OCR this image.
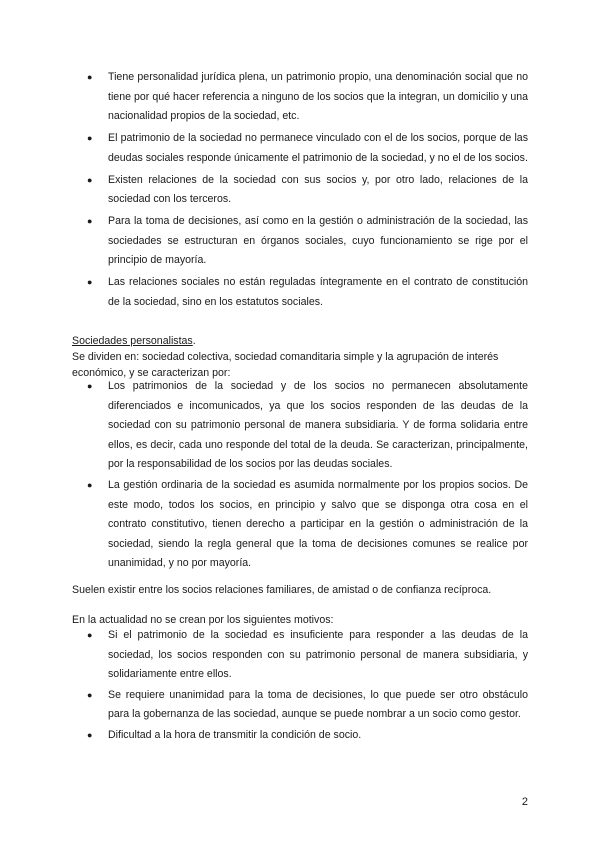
● Tiene personalidad jurídica plena, un patrimonio propio, una denominación social que no tiene por qué hacer referencia a ninguno de los socios que la integran, un domicilio y una nacionalidad propios de la sociedad, etc.
● El patrimonio de la sociedad no permanece vinculado con el de los socios, porque de las deudas sociales responde únicamente el patrimonio de la sociedad, y no el de los socios.
● Existen relaciones de la sociedad con sus socios y, por otro lado, relaciones de la sociedad con los terceros.
● Para la toma de decisiones, así como en la gestión o administración de la sociedad, las sociedades se estructuran en órganos sociales, cuyo funcionamiento se rige por el principio de mayoría.
● Las relaciones sociales no están reguladas íntegramente en el contrato de constitución de la sociedad, sino en los estatutos sociales.

Sociedades personalistas.

Se dividen en: sociedad colectiva, sociedad comanditaria simple y la agrupación de interés económico, y se caracterizan por:

● Los patrimonios de la sociedad y de los socios no permanecen absolutamente diferenciados e incomunicados, ya que los socios responden de las deudas de la sociedad con su patrimonio personal de manera subsidiaria. Y de forma solidaria entre ellos, es decir, cada uno responde del total de la deuda. Se caracterizan, principalmente, por la responsabilidad de los socios por las deudas sociales.
● La gestión ordinaria de la sociedad es asumida normalmente por los propios socios. De este modo, todos los socios, en principio y salvo que se disponga otra cosa en el contrato constitutivo, tienen derecho a participar en la gestión o administración de la sociedad, siendo la regla general que la toma de decisiones comunes se realice por unanimidad, y no por mayoría.

Suelen existir entre los socios relaciones familiares, de amistad o de confianza recíproca.

En la actualidad no se crean por los siguientes motivos:

● Si el patrimonio de la sociedad es insuficiente para responder a las deudas de la sociedad, los socios responden con su patrimonio personal de manera subsidiaria, y solidariamente entre ellos.
● Se requiere unanimidad para la toma de decisiones, lo que puede ser otro obstáculo para la gobernanza de las sociedad, aunque se puede nombrar a un socio como gestor.
● Dificultad a la hora de transmitir la condición de socio.
2
